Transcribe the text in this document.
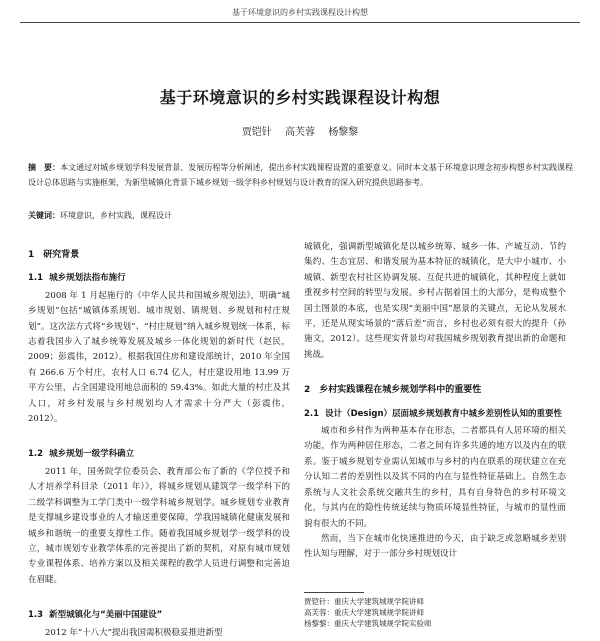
基于环境意识的乡村实践课程设计构想
基于环境意识的乡村实践课程设计构想
贾铠针 高芙蓉 杨黎黎
摘　要：本文通过对城乡规划学科发展背景、发展历程等分析阐述，提出乡村实践课程设置的重要意义。同时本文基于环境意识理念初步构想乡村实践课程设计总体思路与实施框架，为新型城镇化背景下城乡规划一级学科乡村规划与设计教育的深入研究提供思路参考。
关键词：环境意识，乡村实践，课程设计
1　研究背景
1.1 城乡规划法指布施行

2008 年 1 月起施行的《中华人民共和国城乡规划法》，明确“城乡规划”包括“城镇体系规划、城市规划、镇规划、乡规划和村庄规划”。这次法方式将“乡规划”、“村庄规划”纳入城乡规划统一体系，标志着我国步入了城乡统筹发展及城乡一体化规划的新时代（赵民，2009；彭震伟，2012）。根据我国住房和建设部统计，2010 年全国有 266.6 万个村庄，农村人口 6.74 亿人，村庄建设用地 13.99 万平方公里，占全国建设用地总面积的 59.43%。如此大量的村庄及其人口，对乡村发展与乡村规划均人才需求十分严大（彭震伟，2012）。

1.2 城乡规划一级学科确立

2011 年，国务院学位委员会、教育部公布了新的《学位授予和人才培养学科目录（2011 年）》，将城乡规划从建筑学一级学科下的二级学科调整为工学门类中一级学科城乡规划学。城乡规划专业教育是支撑城乡建设事业的人才输送重要保障，学我国城镇化健康发展和城乡和谐统一的重要支撑性工作。随着我国城乡规划学一级学科的设立，城市规划专业教学体系的完善提出了新的契机，对原有城市规划专业课程体系、培养方案以及相关课程的教学人员进行调整和完善迫在眉睫。

1.3 新型城镇化与“美丽中国建设”

2012 年“十八大”提出我国需积极稳妥推进新型

城镇化，强调新型城镇化是以城乡统筹、城乡一体、产城互动、节约集约、生态宜居、和谐发展为基本特征的城镇化，是大中小城市、小城镇、新型农村社区协调发展、互促共进的城镇化，其种程度上就如重视乡村空间的转型与发展。乡村占据着国土的大部分，是构成整个国土图景的本底，也是实现“美丽中国”愿景的关键点，无论从发展水平，还是从现实场景的“落后差”而言，乡村也必须有很大的提升（孙施文，2012）。这些现实背景均对我国城乡规划教育提出新的命题和挑战。

2　乡村实践课程在城乡规划学科中的重要性
2.1 设计（Design）层面城乡规划教育中城乡差别性认知的重要性

城市和乡村作为两种基本存在形态，二者都具有人居环境的相关功能，作为两种居住形态，二者之间有许多共通的地方以及内在的联系。鉴于城乡规划专业需认知城市与乡村的内在联系的现状建立在充分认知二者的差别性以及其不同的内在与显性特征基础上。自然生态系统与人文社会系统交融共生的乡村，具有自身特色的乡村环境文化，与其内在的隐性传统延续与物质环境显性特征，与城市的显性面貌有很大的不同。

然而，当下在城市化快速推进的今天，由于缺乏或忽略城乡差别性认知与理解，对于一部分乡村规划设计

贾铠针：重庆大学建筑城规学院讲师
高芙蓉：重庆大学建筑城规学院讲师
杨黎黎：重庆大学建筑城规学院实验师
